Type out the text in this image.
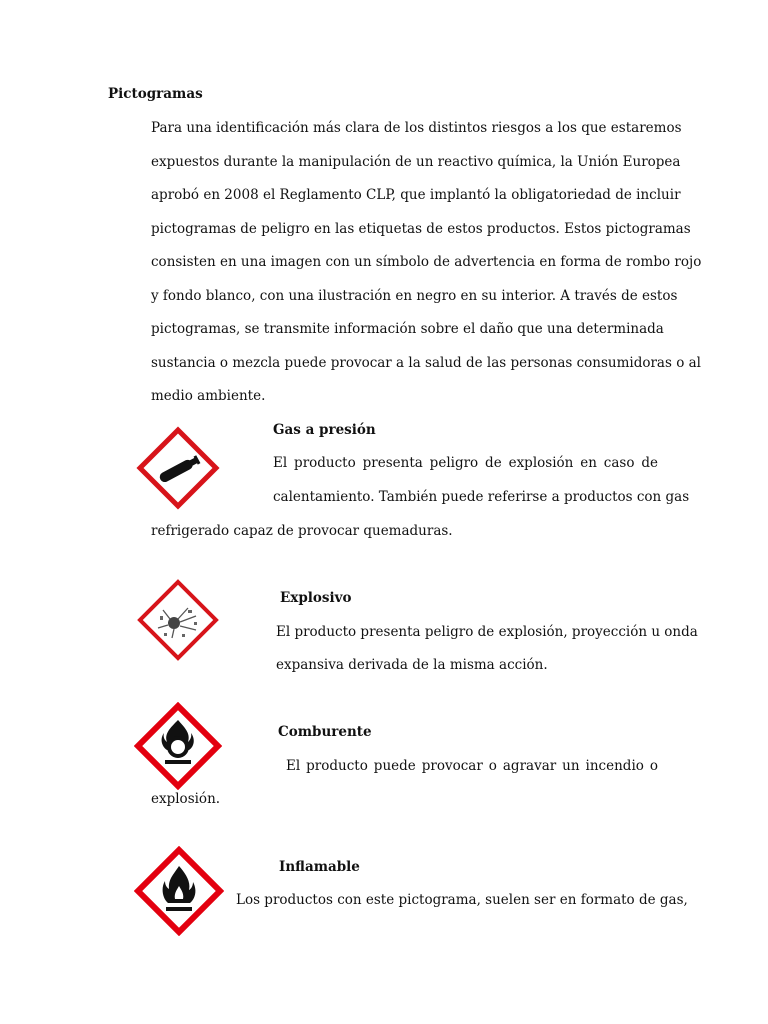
Pictogramas
Para una identificación más clara de los distintos riesgos a los que estaremos
expuestos durante la manipulación de un reactivo química, la Unión Europea
aprobó en 2008 el Reglamento CLP, que implantó la obligatoriedad de incluir
pictogramas de peligro en las etiquetas de estos productos. Estos pictogramas
consisten en una imagen con un símbolo de advertencia en forma de rombo rojo
y fondo blanco, con una ilustración en negro en su interior. A través de estos
pictogramas, se transmite información sobre el daño que una determinada
sustancia o mezcla puede provocar a la salud de las personas consumidoras o al
medio ambiente.
Gas a presión
El producto presenta peligro de explosión en caso de
calentamiento. También puede referirse a productos con gas
refrigerado capaz de provocar quemaduras.
Explosivo
El producto presenta peligro de explosión, proyección u onda
expansiva derivada de la misma acción.
Comburente
El producto puede provocar o agravar un incendio o
explosión.
Inflamable
Los productos con este pictograma, suelen ser en formato de gas,
